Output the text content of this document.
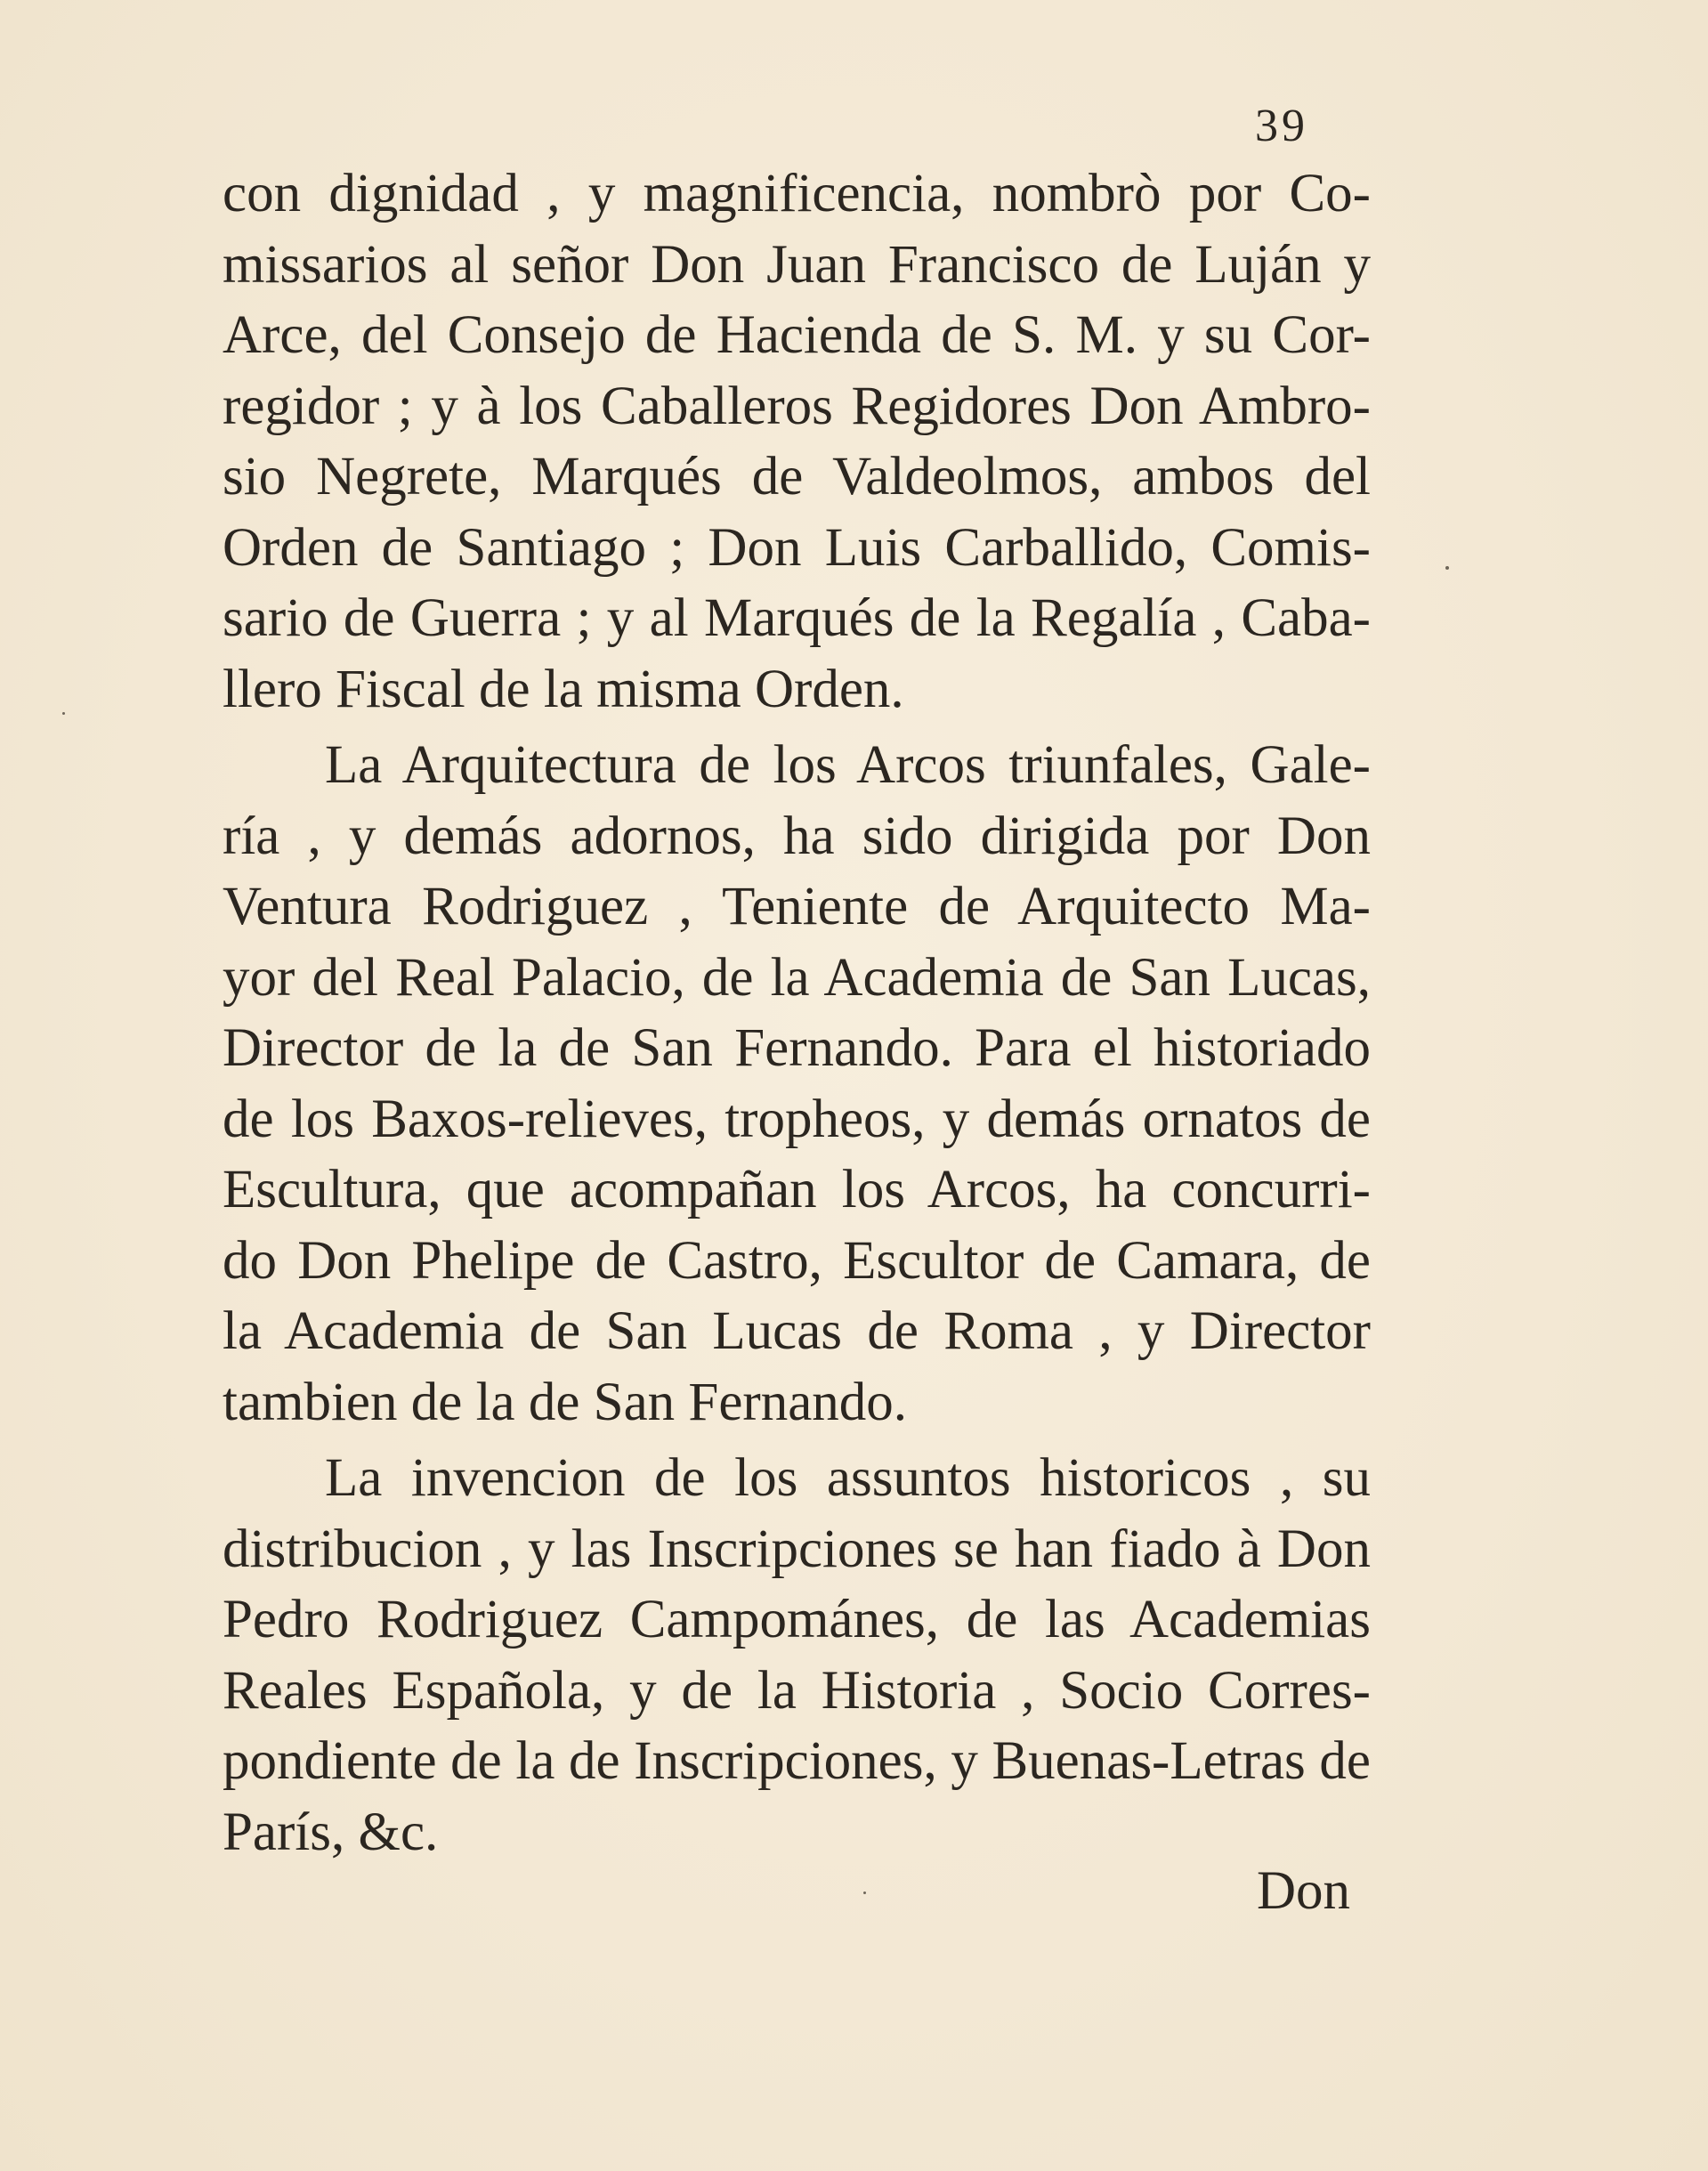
39
con dignidad , y magnificencia, nombrò por Co-
missarios al señor Don Juan Francisco de Luján y
Arce, del Consejo de Hacienda de S. M. y su Cor-
regidor ; y à los Caballeros Regidores Don Ambro-
sio Negrete, Marqués de Valdeolmos, ambos del
Orden de Santiago ; Don Luis Carballido, Comis-
sario de Guerra ; y al Marqués de la Regalía , Caba-
llero Fiscal de la misma Orden.
La Arquitectura de los Arcos triunfales, Gale-
ría , y demás adornos, ha sido dirigida por Don
Ventura Rodriguez , Teniente de Arquitecto Ma-
yor del Real Palacio, de la Academia de San Lucas,
Director de la de San Fernando. Para el historiado
de los Baxos-relieves, tropheos, y demás ornatos de
Escultura, que acompañan los Arcos, ha concurri-
do Don Phelipe de Castro, Escultor de Camara, de
la Academia de San Lucas de Roma , y Director
tambien de la de San Fernando.
La invencion de los assuntos historicos , su
distribucion , y las Inscripciones se han fiado à Don
Pedro Rodriguez Campománes, de las Academias
Reales Española, y de la Historia , Socio Corres-
pondiente de la de Inscripciones, y Buenas-Letras de
París, &c.
Don
